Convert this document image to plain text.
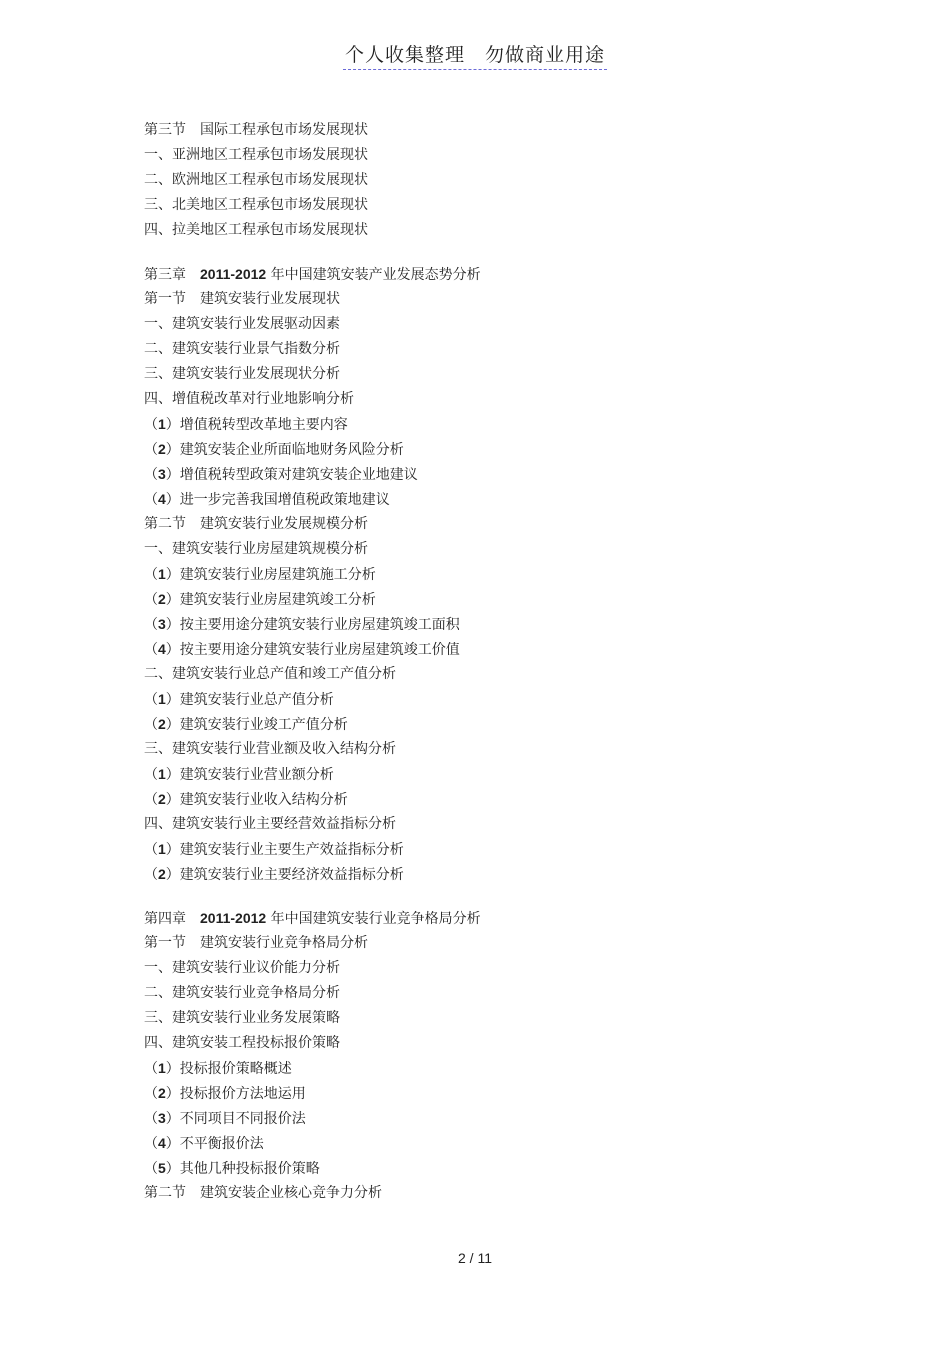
个人收集整理　勿做商业用途
第三节　国际工程承包市场发展现状
一、亚洲地区工程承包市场发展现状
二、欧洲地区工程承包市场发展现状
三、北美地区工程承包市场发展现状
四、拉美地区工程承包市场发展现状
第三章　2011-2012 年中国建筑安装产业发展态势分析
第一节　建筑安装行业发展现状
一、建筑安装行业发展驱动因素
二、建筑安装行业景气指数分析
三、建筑安装行业发展现状分析
四、增值税改革对行业地影响分析
（1）增值税转型改革地主要内容
（2）建筑安装企业所面临地财务风险分析
（3）增值税转型政策对建筑安装企业地建议
（4）进一步完善我国增值税政策地建议
第二节　建筑安装行业发展规模分析
一、建筑安装行业房屋建筑规模分析
（1）建筑安装行业房屋建筑施工分析
（2）建筑安装行业房屋建筑竣工分析
（3）按主要用途分建筑安装行业房屋建筑竣工面积
（4）按主要用途分建筑安装行业房屋建筑竣工价值
二、建筑安装行业总产值和竣工产值分析
（1）建筑安装行业总产值分析
（2）建筑安装行业竣工产值分析
三、建筑安装行业营业额及收入结构分析
（1）建筑安装行业营业额分析
（2）建筑安装行业收入结构分析
四、建筑安装行业主要经营效益指标分析
（1）建筑安装行业主要生产效益指标分析
（2）建筑安装行业主要经济效益指标分析
第四章　2011-2012 年中国建筑安装行业竞争格局分析
第一节　建筑安装行业竞争格局分析
一、建筑安装行业议价能力分析
二、建筑安装行业竞争格局分析
三、建筑安装行业业务发展策略
四、建筑安装工程投标报价策略
（1）投标报价策略概述
（2）投标报价方法地运用
（3）不同项目不同报价法
（4）不平衡报价法
（5）其他几种投标报价策略
第二节　建筑安装企业核心竞争力分析
2 / 11
